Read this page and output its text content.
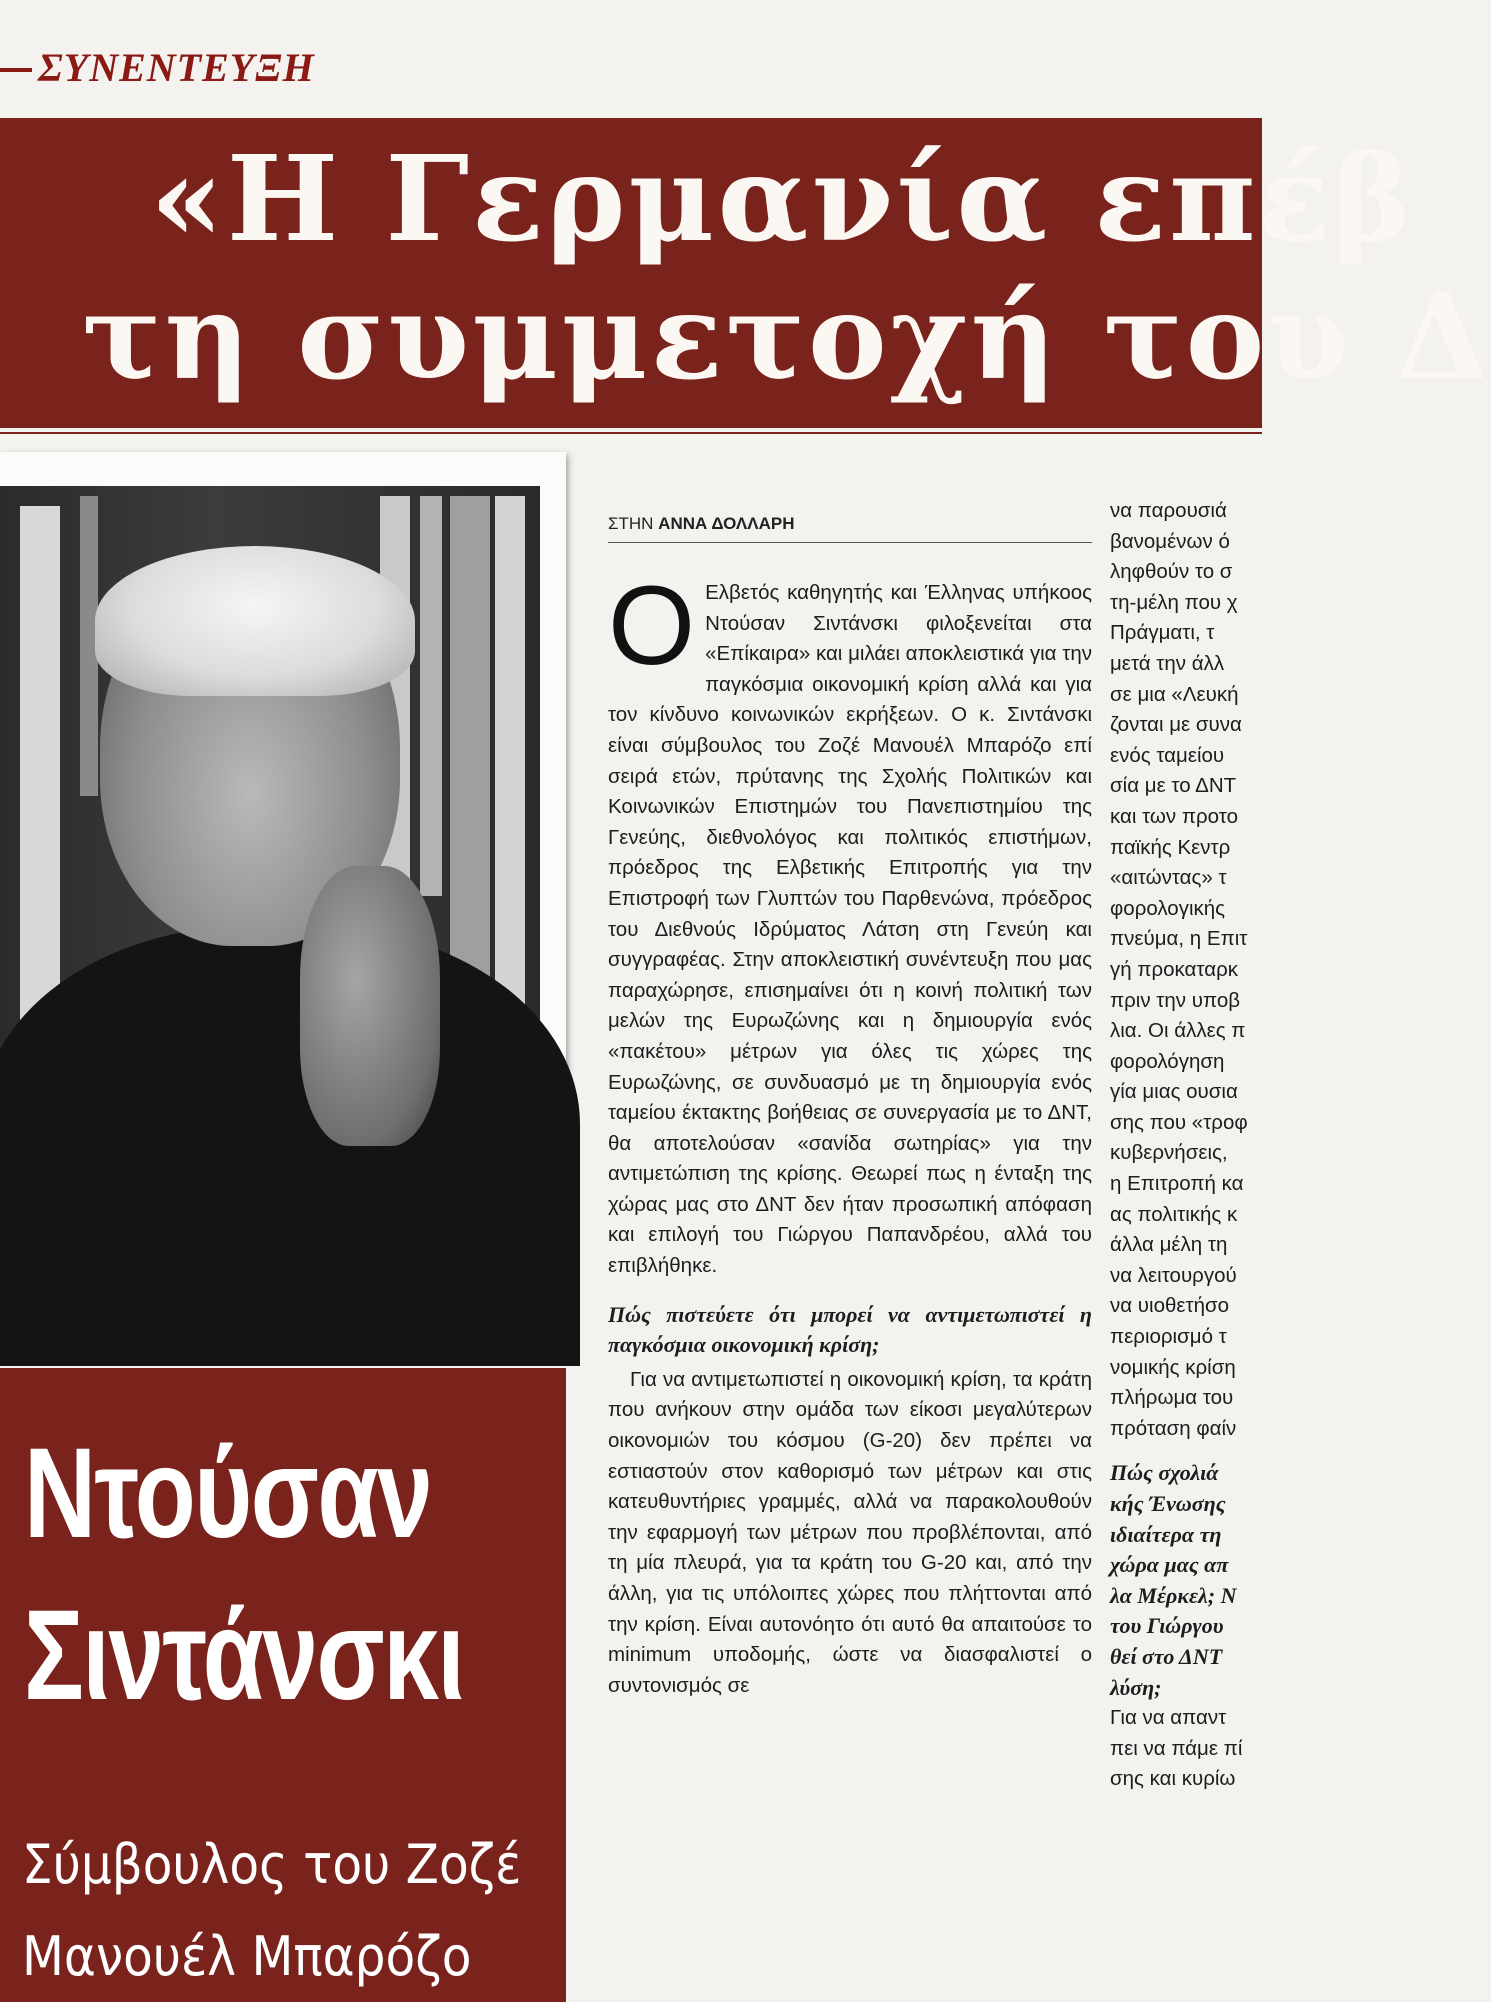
ΣΥΝΕΝΤΕΥΞΗ
«Η Γερμανία επέβ
τη συμμετοχή του Δ
Ντούσαν
Σιντάνσκι
Σύμβουλος του Ζοζέ
Μανουέλ Μπαρόζο
ΣΤΗΝ ΑΝΝΑ ΔΟΛΛΑΡΗ

Ο Ελβετός καθηγητής και Έλληνας υπήκοος Ντούσαν Σιντάνσκι φιλοξενείται στα «Επίκαιρα» και μιλάει αποκλειστικά για την παγκόσμια οικονομική κρίση αλλά και για τον κίνδυνο κοινωνικών εκρήξεων. Ο κ. Σιντάνσκι είναι σύμβουλος του Ζοζέ Μανουέλ Μπαρόζο επί σειρά ετών, πρύτανης της Σχολής Πολιτικών και Κοινωνικών Επιστημών του Πανεπιστημίου της Γενεύης, διεθνολόγος και πολιτικός επιστήμων, πρόεδρος της Ελβετικής Επιτροπής για την Επιστροφή των Γλυπτών του Παρθενώνα, πρόεδρος του Διεθνούς Ιδρύματος Λάτση στη Γενεύη και συγγραφέας. Στην αποκλειστική συνέντευξη που μας παραχώρησε, επισημαίνει ότι η κοινή πολιτική των μελών της Ευρωζώνης και η δημιουργία ενός «πακέτου» μέτρων για όλες τις χώρες της Ευρωζώνης, σε συνδυασμό με τη δημιουργία ενός ταμείου έκτακτης βοήθειας σε συνεργασία με το ΔΝΤ, θα αποτελούσαν «σανίδα σωτηρίας» για την αντιμετώπιση της κρίσης. Θεωρεί πως η ένταξη της χώρας μας στο ΔΝΤ δεν ήταν προσωπική απόφαση και επιλογή του Γιώργου Παπανδρέου, αλλά του επιβλήθηκε.

Πώς πιστεύετε ότι μπορεί να αντιμετωπιστεί η παγκόσμια οικονομική κρίση;

Για να αντιμετωπιστεί η οικονομική κρίση, τα κράτη που ανήκουν στην ομάδα των είκοσι μεγαλύτερων οικονομιών του κόσμου (G-20) δεν πρέπει να εστιαστούν στον καθορισμό των μέτρων και στις κατευθυντήριες γραμμές, αλλά να παρακολουθούν την εφαρμογή των μέτρων που προβλέπονται, από τη μία πλευρά, για τα κράτη του G-20 και, από την άλλη, για τις υπόλοιπες χώρες που πλήττονται από την κρίση. Είναι αυτονόητο ότι αυτό θα απαιτούσε το minimum υποδομής, ώστε να διασφαλιστεί ο συντονισμός σε

να παρουσιά
βανομένων ό
ληφθούν το σ
τη-μέλη που χ
Πράγματι, τ
μετά την άλλ
σε μια «Λευκή
ζονται με συνα
ενός ταμείου
σία με το ΔΝΤ
και των προτο
παϊκής Κεντρ
«αιτώντας» τ
φορολογικής
πνεύμα, η Επιτ
γή προκαταρκ
πριν την υποβ
λια. Οι άλλες π
φορολόγηση
γία μιας ουσια
σης που «τροφ
κυβερνήσεις,
η Επιτροπή κα
ας πολιτικής κ
άλλα μέλη τη
να λειτουργού
να υιοθετήσο
περιορισμό τ
νομικής κρίση
πλήρωμα του
πρόταση φαίν
Πώς σχολιά
κής Ένωσης
ιδιαίτερα τη
χώρα μας απ
λα Μέρκελ; Ν
του Γιώργου
θεί στο ΔΝΤ
λύση;
Για να απαντ
πει να πάμε πί
σης και κυρίω
